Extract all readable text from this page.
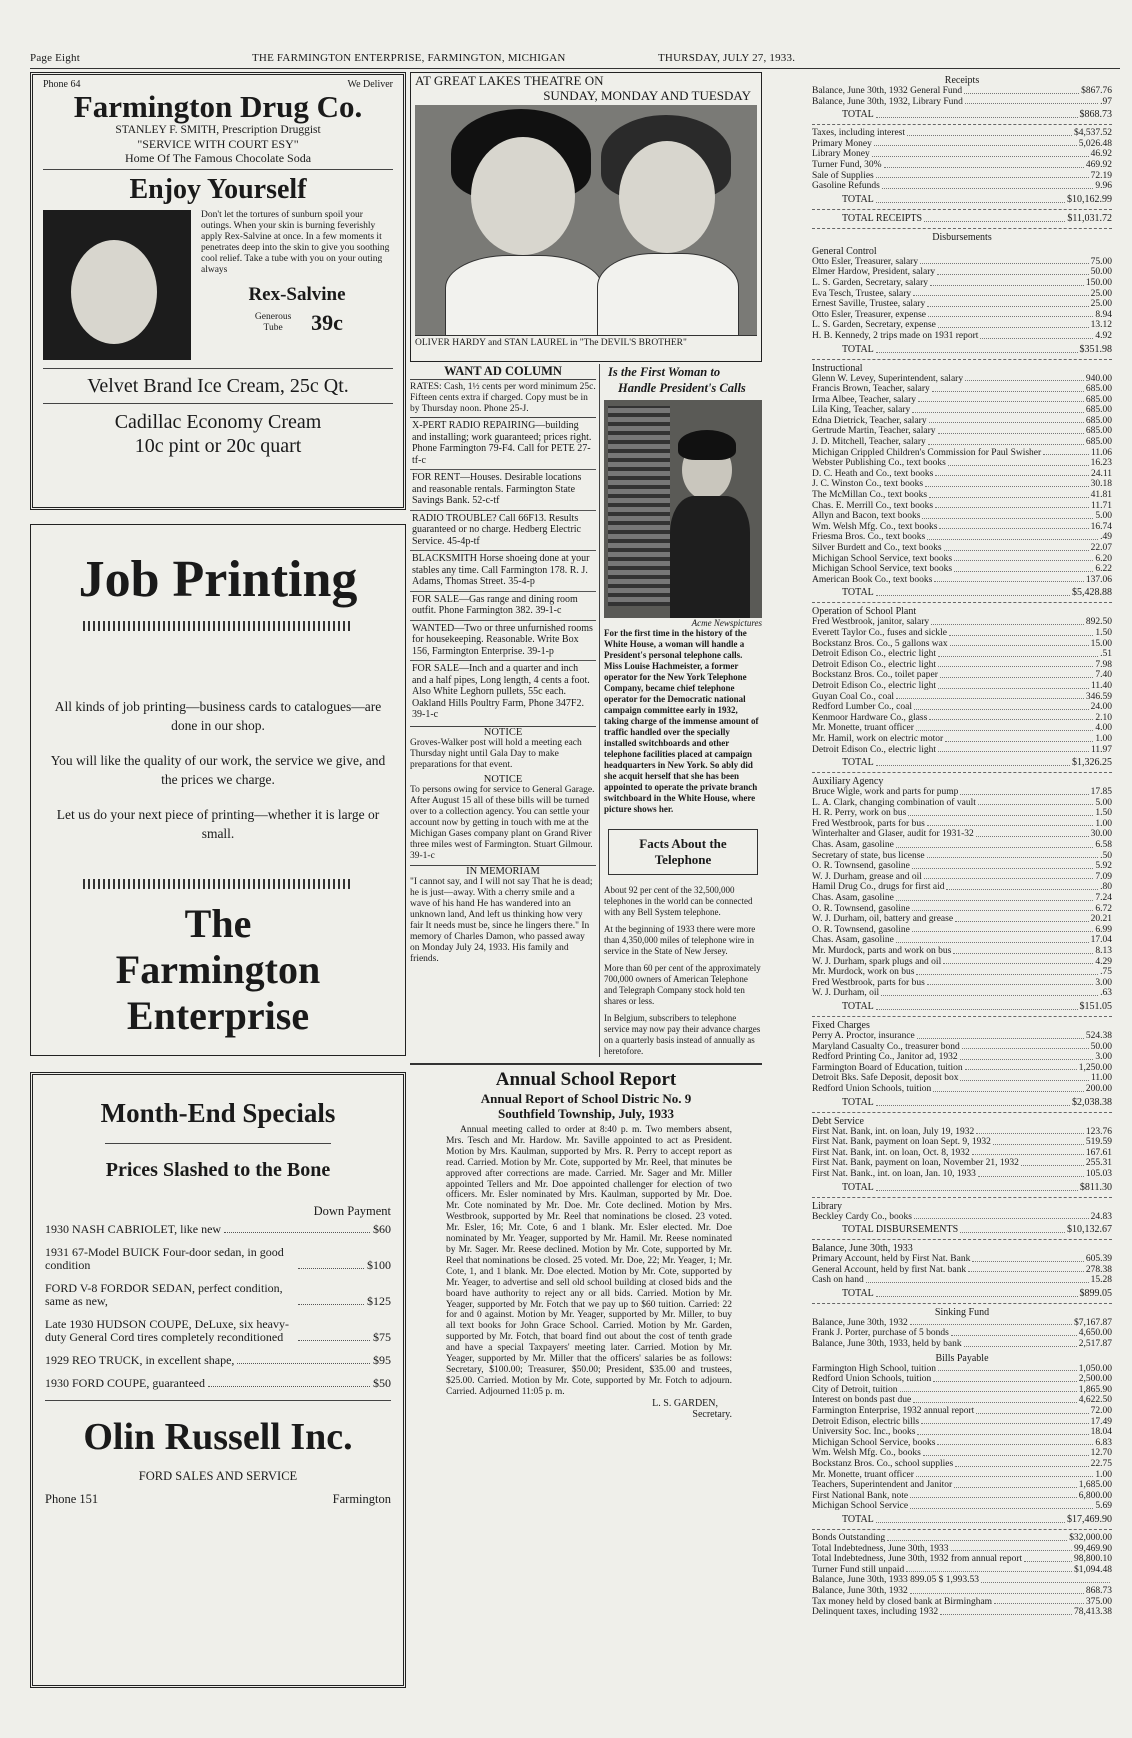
Page Eight	THE FARMINGTON ENTERPRISE, FARMINGTON, MICHIGAN	THURSDAY, JULY 27, 1933.
Phone 64	We Deliver
Farmington Drug Co.
STANLEY F. SMITH, Prescription Druggist
"SERVICE WITH COURT ESY"
Home Of The Famous Chocolate Soda
Enjoy Yourself
Don't let the tortures of sunburn spoil your outings. When your skin is burning feverishly apply Rex-Salvine at once. In a few moments it penetrates deep into the skin to give you soothing cool relief. Take a tube with you on your outing always
Rex-Salvine
Generous Tube	39c
Velvet Brand Ice Cream, 25c Qt.
Cadillac Economy Cream
10c pint or 20c quart
Job Printing
All kinds of job printing—business cards to catalogues—are done in our shop.
You will like the quality of our work, the service we give, and the prices we charge.
Let us do your next piece of printing—whether it is large or small.
The
Farmington
Enterprise
Month-End Specials
Prices Slashed to the Bone
Down Payment
1930 NASH CABRIOLET, like new	$60
1931 67-Model BUICK Four-door sedan, in good condition	$100
FORD V-8 FORDOR SEDAN, perfect condition, same as new,	$125
Late 1930 HUDSON COUPE, DeLuxe, six heavy-duty General Cord tires completely reconditioned	$75
1929 REO TRUCK, in excellent shape,	$95
1930 FORD COUPE, guaranteed	$50
Olin Russell Inc.
FORD SALES AND SERVICE
Phone 151	Farmington
AT GREAT LAKES THEATRE ON
SUNDAY, MONDAY AND TUESDAY
OLIVER HARDY and STAN LAUREL in "The DEVIL'S BROTHER"
WANT AD COLUMN
RATES: Cash, 1½ cents per word minimum 25c. Fifteen cents extra if charged. Copy must be in by Thursday noon. Phone 25-J.
X-PERT RADIO REPAIRING—building and installing; work guaranteed; prices right. Phone Farmington 79-F4. Call for PETE 27-tf-c
FOR RENT—Houses. Desirable locations and reasonable rentals. Farmington State Savings Bank. 52-c-tf
RADIO TROUBLE? Call 66F13. Results guaranteed or no charge. Hedberg Electric Service. 45-4p-tf
BLACKSMITH Horse shoeing done at your stables any time. Call Farmington 178. R. J. Adams, Thomas Street. 35-4-p
FOR SALE—Gas range and dining room outfit. Phone Farmington 382. 39-1-c
WANTED—Two or three unfurnished rooms for housekeeping. Reasonable. Write Box 156, Farmington Enterprise. 39-1-p
FOR SALE—Inch and a quarter and inch and a half pipes, Long length, 4 cents a foot. Also White Leghorn pullets, 55c each. Oakland Hills Poultry Farm, Phone 347F2. 39-1-c
NOTICE
Groves-Walker post will hold a meeting each Thursday night until Gala Day to make preparations for that event.
NOTICE
To persons owing for service to General Garage. After August 15 all of these bills will be turned over to a collection agency. You can settle your account now by getting in touch with me at the Michigan Gases company plant on Grand River three miles west of Farmington. Stuart Gilmour. 39-1-c
IN MEMORIAM
"I cannot say, and I will not say That he is dead; he is just—away. With a cherry smile and a wave of his hand He has wandered into an unknown land, And left us thinking how very fair It needs must be, since he lingers there." In memory of Charles Damon, who passed away on Monday July 24, 1933. His family and friends.
Is the First Woman to
Handle President's Calls
Acme Newspictures
For the first time in the history of the White House, a woman will handle a President's personal telephone calls. Miss Louise Hachmeister, a former operator for the New York Telephone Company, became chief telephone operator for the Democratic national campaign committee early in 1932, taking charge of the immense amount of traffic handled over the specially installed switchboards and other telephone facilities placed at campaign headquarters in New York. So ably did she acquit herself that she has been appointed to operate the private branch switchboard in the White House, where picture shows her.
Facts About the Telephone
About 92 per cent of the 32,500,000 telephones in the world can be connected with any Bell System telephone.
At the beginning of 1933 there were more than 4,350,000 miles of telephone wire in service in the State of New Jersey.
More than 60 per cent of the approximately 700,000 owners of American Telephone and Telegraph Company stock hold ten shares or less.
In Belgium, subscribers to telephone service may now pay their advance charges on a quarterly basis instead of annually as heretofore.
Annual School Report
Annual Report of School Distric No. 9
Southfield Township, July, 1933
Annual meeting called to order at 8:40 p. m. Two members absent, Mrs. Tesch and Mr. Hardow. Mr. Saville appointed to act as President. Motion by Mrs. Kaulman, supported by Mrs. R. Perry to accept report as read. Carried. Motion by Mr. Cote, supported by Mr. Reel, that minutes be approved after corrections are made. Carried. Mr. Sager and Mr. Miller appointed Tellers and Mr. Doe appointed challenger for election of two officers. Mr. Esler nominated by Mrs. Kaulman, supported by Mr. Doe. Mr. Cote nominated by Mr. Doe. Mr. Cote declined. Motion by Mrs. Westbrook, supported by Mr. Reel that nominations be closed. 23 voted. Mr. Esler, 16; Mr. Cote, 6 and 1 blank. Mr. Esler elected. Mr. Doe nominated by Mr. Yeager, supported by Mr. Hamil. Mr. Reese nominated by Mr. Sager. Mr. Reese declined. Motion by Mr. Cote, supported by Mr. Reel that nominations be closed. 25 voted. Mr. Doe, 22; Mr. Yeager, 1; Mr. Cote, 1, and 1 blank. Mr. Doe elected. Motion by Mr. Cote, supported by Mr. Yeager, to advertise and sell old school building at closed bids and the board have authority to reject any or all bids. Carried. Motion by Mr. Yeager, supported by Mr. Fotch that we pay up to $60 tuition. Carried: 22 for and 0 against. Motion by Mr. Yeager, supported by Mr. Miller, to buy all text books for John Grace School. Carried. Motion by Mr. Garden, supported by Mr. Fotch, that board find out about the cost of tenth grade and have a special Taxpayers' meeting later. Carried. Motion by Mr. Yeager, supported by Mr. Miller that the officers' salaries be as follows: Secretary, $100.00; Treasurer, $50.00; President, $35.00 and trustees, $25.00. Carried. Motion by Mr. Cote, supported by Mr. Fotch to adjourn. Carried. Adjourned 11:05 p. m.
L. S. GARDEN,
Secretary.
Receipts
Balance, June 30th, 1932 General Fund	$867.76
Balance, June 30th, 1932, Library Fund	.97
TOTAL	$868.73
Taxes, including interest	$4,537.52
Primary Money	5,026.48
Library Money	46.92
Turner Fund, 30%	469.92
Sale of Supplies	72.19
Gasoline Refunds	9.96
TOTAL	$10,162.99
TOTAL RECEIPTS	$11,031.72
Disbursements
General Control
Otto Esler, Treasurer, salary	75.00
Elmer Hardow, President, salary	50.00
L. S. Garden, Secretary, salary	150.00
Eva Tesch, Trustee, salary	25.00
Ernest Saville, Trustee, salary	25.00
Otto Esler, Treasurer, expense	8.94
L. S. Garden, Secretary, expense	13.12
H. B. Kennedy, 2 trips made on 1931 report	4.92
TOTAL	$351.98
Instructional
Glenn W. Levey, Superintendent, salary	940.00
Francis Brown, Teacher, salary	685.00
Irma Albee, Teacher, salary	685.00
Lila King, Teacher, salary	685.00
Edna Dietrick, Teacher, salary	685.00
Gertrude Martin, Teacher, salary	685.00
J. D. Mitchell, Teacher, salary	685.00
Michigan Crippled Children's Commission for Paul Swisher	11.06
Webster Publishing Co., text books	16.23
D. C. Heath and Co., text books	24.11
J. C. Winston Co., text books	30.18
The McMillan Co., text books	41.81
Chas. E. Merrill Co., text books	11.71
Allyn and Bacon, text books	5.00
Wm. Welsh Mfg. Co., text books	16.74
Friesma Bros. Co., text books	.49
Silver Burdett and Co., text books	22.07
Michigan School Service, text books	6.20
Michigan School Service, text books	6.22
American Book Co., text books	137.06
TOTAL	$5,428.88
Operation of School Plant
Fred Westbrook, janitor, salary	892.50
Everett Taylor Co., fuses and sickle	1.50
Bockstanz Bros. Co., 5 gallons wax	15.00
Detroit Edison Co., electric light	.51
Detroit Edison Co., electric light	7.98
Bockstanz Bros. Co., toilet paper	7.40
Detroit Edison Co., electric light	11.40
Guyan Coal Co., coal	346.59
Redford Lumber Co., coal	24.00
Kenmoor Hardware Co., glass	2.10
Mr. Monette, truant officer	4.00
Mr. Hamil, work on electric motor	1.00
Detroit Edison Co., electric light	11.97
TOTAL	$1,326.25
Auxiliary Agency
Bruce Wigle, work and parts for pump	17.85
L. A. Clark, changing combination of vault	5.00
H. R. Perry, work on bus	1.50
Fred Westbrook, parts for bus	1.00
Winterhalter and Glaser, audit for 1931-32	30.00
Chas. Asam, gasoline	6.58
Secretary of state, bus license	.50
O. R. Townsend, gasoline	5.92
W. J. Durham, grease and oil	7.09
Hamil Drug Co., drugs for first aid	.80
Chas. Asam, gasoline	7.24
O. R. Townsend, gasoline	6.72
W. J. Durham, oil, battery and grease	20.21
O. R. Townsend, gasoline	6.99
Chas. Asam, gasoline	17.04
Mr. Murdock, parts and work on bus	8.13
W. J. Durham, spark plugs and oil	4.29
Mr. Murdock, work on bus	.75
Fred Westbrook, parts for bus	3.00
W. J. Durham, oil	.63
TOTAL	$151.05
Fixed Charges
Perry A. Proctor, insurance	524.38
Maryland Casualty Co., treasurer bond	50.00
Redford Printing Co., Janitor ad, 1932	3.00
Farmington Board of Education, tuition	1,250.00
Detroit Bks. Safe Deposit, deposit box	11.00
Redford Union Schools, tuition	200.00
TOTAL	$2,038.38
Debt Service
First Nat. Bank, int. on loan, July 19, 1932	123.76
First Nat. Bank, payment on loan Sept. 9, 1932	519.59
First Nat. Bank, int. on loan, Oct. 8, 1932	167.61
First Nat. Bank, payment on loan, November 21, 1932	255.31
First Nat. Bank., int. on loan, Jan. 10, 1933	105.03
TOTAL	$811.30
Library
Beckley Cardy Co., books	24.83
TOTAL DISBURSEMENTS	$10,132.67
Balance, June 30th, 1933
Primary Account, held by First Nat. Bank	605.39
General Account, held by first Nat. bank	278.38
Cash on hand	15.28
TOTAL	$899.05
Sinking Fund
Balance, June 30th, 1932	$7,167.87
Frank J. Porter, purchase of 5 bonds	4,650.00
Balance, June 30th, 1933, held by bank	2,517.87
Bills Payable
Farmington High School, tuition	1,050.00
Redford Union Schools, tuition	2,500.00
City of Detroit, tuition	1,865.90
Interest on bonds past due	4,622.50
Farmington Enterprise, 1932 annual report	72.00
Detroit Edison, electric bills	17.49
University Soc. Inc., books	18.04
Michigan School Service, books	6.83
Wm. Welsh Mfg. Co., books	12.70
Bockstanz Bros. Co., school supplies	22.75
Mr. Monette, truant officer	1.00
Teachers, Superintendent and Janitor	1,685.00
First National Bank, note	6,800.00
Michigan School Service	5.69
TOTAL	$17,469.90
Bonds Outstanding	$32,000.00
Total Indebtedness, June 30th, 1933	99,469.90
Total Indebtedness, June 30th, 1932 from annual report	98,800.10
Turner Fund still unpaid	$1,094.48
Balance, June 30th, 1933 899.05 $ 1,993.53
Balance, June 30th, 1932	868.73
Tax money held by closed bank at Birmingham	375.00
Delinquent taxes, including 1932	78,413.38
